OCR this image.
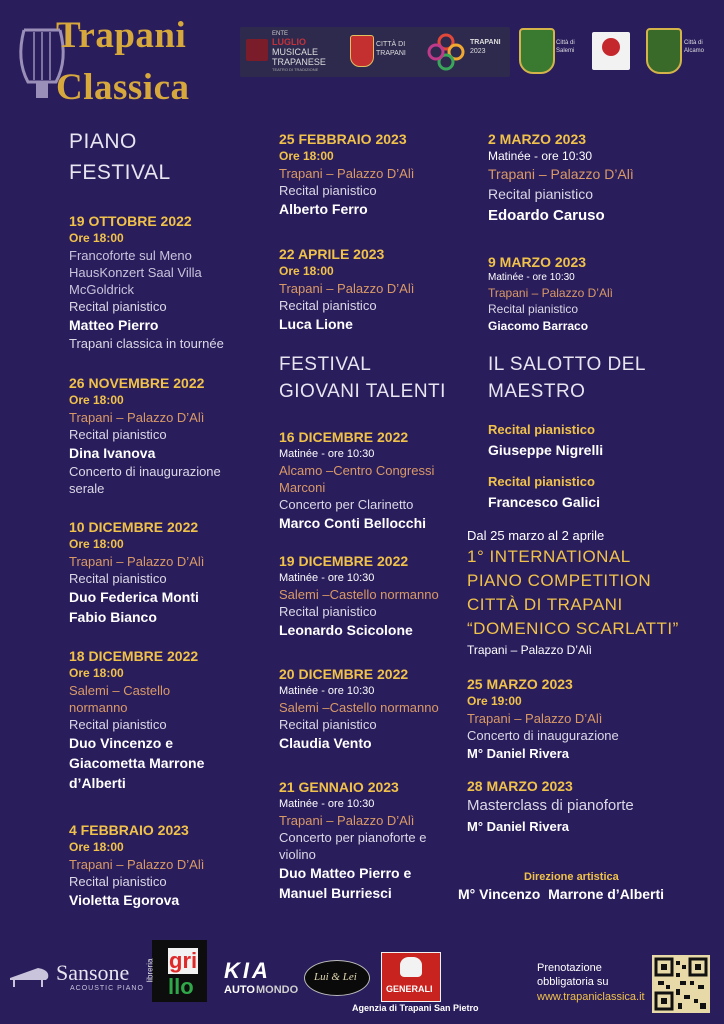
Trapani
Classica
ENTE
LUGLIO
MUSICALE
TRAPANESE
TEATRO DI TRADIZIONE
CITTÀ DI
TRAPANI
TRAPANI
2023
Città di
Salemi
Città di
Alcamo
PIANO
FESTIVAL
19 OTTOBRE 2022
Ore 18:00
Francoforte sul Meno
HausKonzert Saal Villa
McGoldrick
Recital pianistico
Matteo Pierro
Trapani classica in tournée
26 NOVEMBRE 2022
Ore 18:00
Trapani – Palazzo D’Alì
Recital pianistico
Dina Ivanova
Concerto di inaugurazione
serale
10 DICEMBRE 2022
Ore 18:00
Trapani – Palazzo D’Alì
Recital pianistico
Duo Federica Monti
Fabio Bianco
18 DICEMBRE 2022
Ore 18:00
Salemi – Castello
normanno
Recital pianistico
Duo Vincenzo e
Giacometta Marrone
d’Alberti
4 FEBBRAIO 2023
Ore 18:00
Trapani – Palazzo D’Alì
Recital pianistico
Violetta Egorova
25 FEBBRAIO 2023
Ore 18:00
Trapani – Palazzo D’Alì
Recital pianistico
Alberto Ferro
22 APRILE 2023
Ore 18:00
Trapani – Palazzo D’Alì
Recital pianistico
Luca Lione
FESTIVAL
GIOVANI TALENTI
16 DICEMBRE 2022
Matinée - ore 10:30
Alcamo –Centro Congressi
Marconi
Concerto per Clarinetto
Marco Conti Bellocchi
19 DICEMBRE 2022
Matinée - ore 10:30
Salemi –Castello normanno
Recital pianistico
Leonardo Scicolone
20 DICEMBRE 2022
Matinée - ore 10:30
Salemi –Castello normanno
Recital pianistico
Claudia Vento
21 GENNAIO 2023
Matinée - ore 10:30
Trapani – Palazzo D’Alì
Concerto per pianoforte e
violino
Duo Matteo Pierro e
Manuel Burriesci
2 MARZO 2023
Matinée - ore 10:30
Trapani – Palazzo D’Alì
Recital pianistico
Edoardo Caruso
9 MARZO 2023
Matinée - ore 10:30
Trapani – Palazzo D’Alì
Recital pianistico
Giacomo Barraco
IL SALOTTO DEL
MAESTRO
Recital pianistico
Giuseppe Nigrelli
Recital pianistico
Francesco Galici
Dal 25 marzo al 2 aprile
1° INTERNATIONAL
PIANO COMPETITION
CITTÀ DI TRAPANI
“DOMENICO SCARLATTI”
Trapani – Palazzo D’Alì
25 MARZO 2023
Ore 19:00
Trapani – Palazzo D’Alì
Concerto di inaugurazione
M° Daniel Rivera
28 MARZO 2023
Masterclass di pianoforte
M° Daniel Rivera
Direzione artistica
M° Vincenzo  Marrone d’Alberti
Sansone
ACOUSTIC PIANO
libreria gri
llo
KIA
AUTO MONDO
Lui & Lei
GENERALI
Agenzia di Trapani San Pietro
Prenotazione
obbligatoria su
www.trapaniclassica.it
